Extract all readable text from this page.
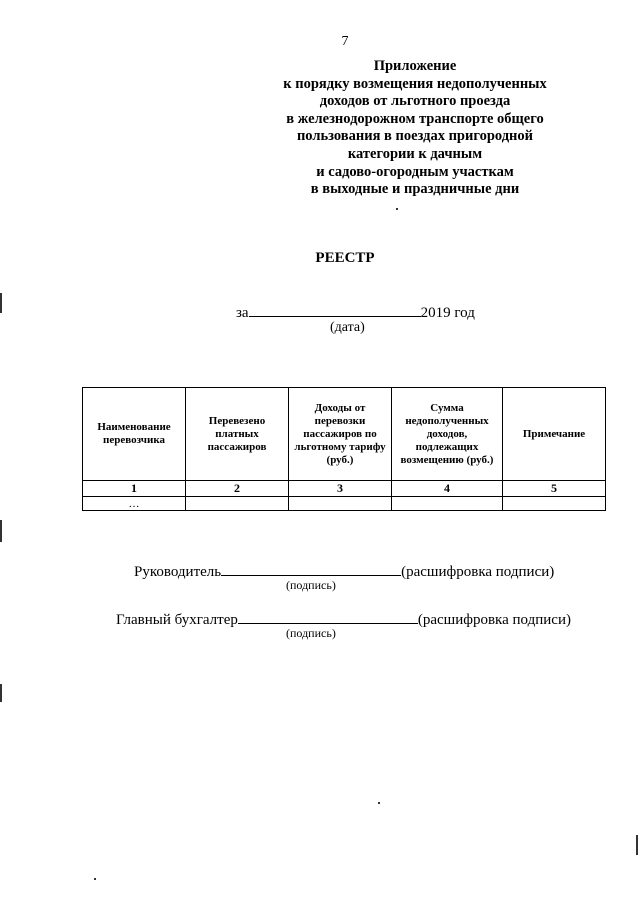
7
Приложение
к порядку возмещения недополученных
доходов от льготного проезда
в железнодорожном транспорте общего
пользования в поездах пригородной
категории к дачным
и садово-огородным участкам
в выходные и праздничные дни
РЕЕСТР
за	2019 год
(дата)
Наименование перевозчика	Перевезено платных пассажиров	Доходы от перевозки пассажиров по льготному тарифу (руб.)	Сумма недополученных доходов, подлежащих возмещению (руб.)	Примечание
1	2	3	4	5
…				
Руководитель	(расшифровка подписи)
(подпись)
Главный бухгалтер	(расшифровка подписи)
(подпись)
